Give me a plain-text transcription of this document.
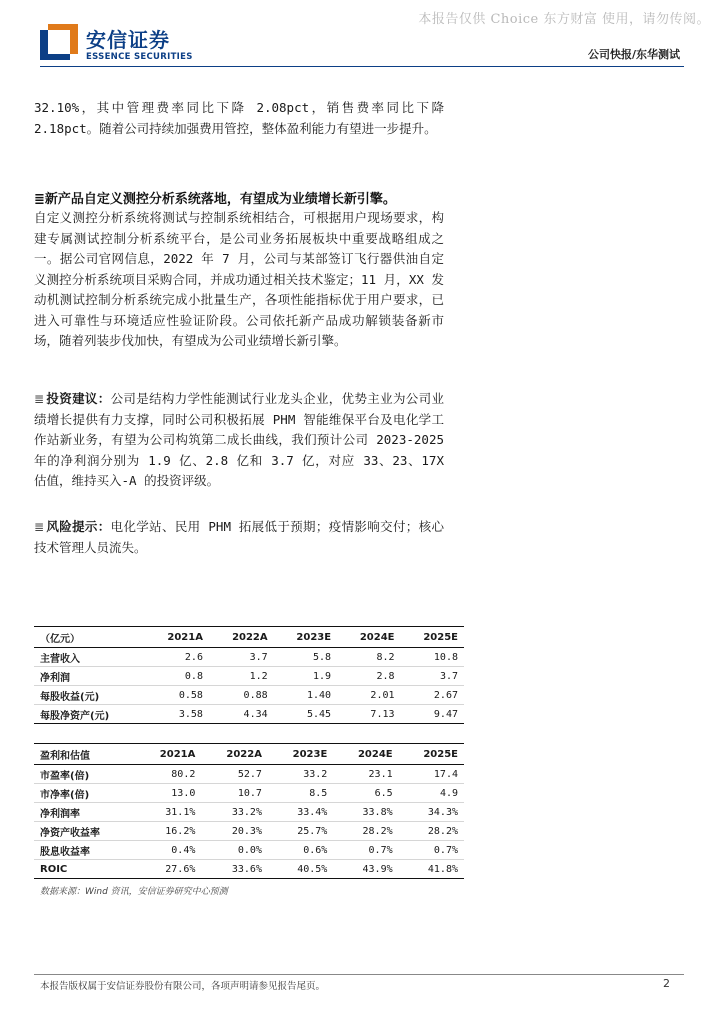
本报告仅供 Choice 东方财富 使用，请勿传阅。
安信证券
ESSENCE SECURITIES	公司快报/东华测试

32.10%，其中管理费率同比下降 2.08pct，销售费率同比下降 2.18pct。随着公司持续加强费用管控，整体盈利能力有望进一步提升。

≣新产品自定义测控分析系统落地，有望成为业绩增长新引擎。

自定义测控分析系统将测试与控制系统相结合，可根据用户现场要求，构建专属测试控制分析系统平台，是公司业务拓展板块中重要战略组成之一。据公司官网信息，2022 年 7 月，公司与某部签订飞行器供油自定义测控分析系统项目采购合同，并成功通过相关技术鉴定；11 月，XX 发动机测试控制分析系统完成小批量生产，各项性能指标优于用户要求，已进入可靠性与环境适应性验证阶段。公司依托新产品成功解锁装备新市场，随着列装步伐加快，有望成为公司业绩增长新引擎。

≣ 投资建议：公司是结构力学性能测试行业龙头企业，优势主业为公司业绩增长提供有力支撑，同时公司积极拓展 PHM 智能维保平台及电化学工作站新业务，有望为公司构筑第二成长曲线，我们预计公司 2023-2025 年的净利润分别为 1.9 亿、2.8 亿和 3.7 亿，对应 33、23、17X 估值，维持买入-A 的投资评级。

≣ 风险提示：电化学站、民用 PHM 拓展低于预期；疫情影响交付；核心技术管理人员流失。

（亿元）	2021A	2022A	2023E	2024E	2025E
主营收入	2.6	3.7	5.8	8.2	10.8
净利润	0.8	1.2	1.9	2.8	3.7
每股收益(元)	0.58	0.88	1.40	2.01	2.67
每股净资产(元)	3.58	4.34	5.45	7.13	9.47
盈利和估值	2021A	2022A	2023E	2024E	2025E
市盈率(倍)	80.2	52.7	33.2	23.1	17.4
市净率(倍)	13.0	10.7	8.5	6.5	4.9
净利润率	31.1%	33.2%	33.4%	33.8%	34.3%
净资产收益率	16.2%	20.3%	25.7%	28.2%	28.2%
股息收益率	0.4%	0.0%	0.6%	0.7%	0.7%
ROIC	27.6%	33.6%	40.5%	43.9%	41.8%
数据来源：Wind 资讯，安信证券研究中心预测
本报告版权属于安信证券股份有限公司，各项声明请参见报告尾页。	2
